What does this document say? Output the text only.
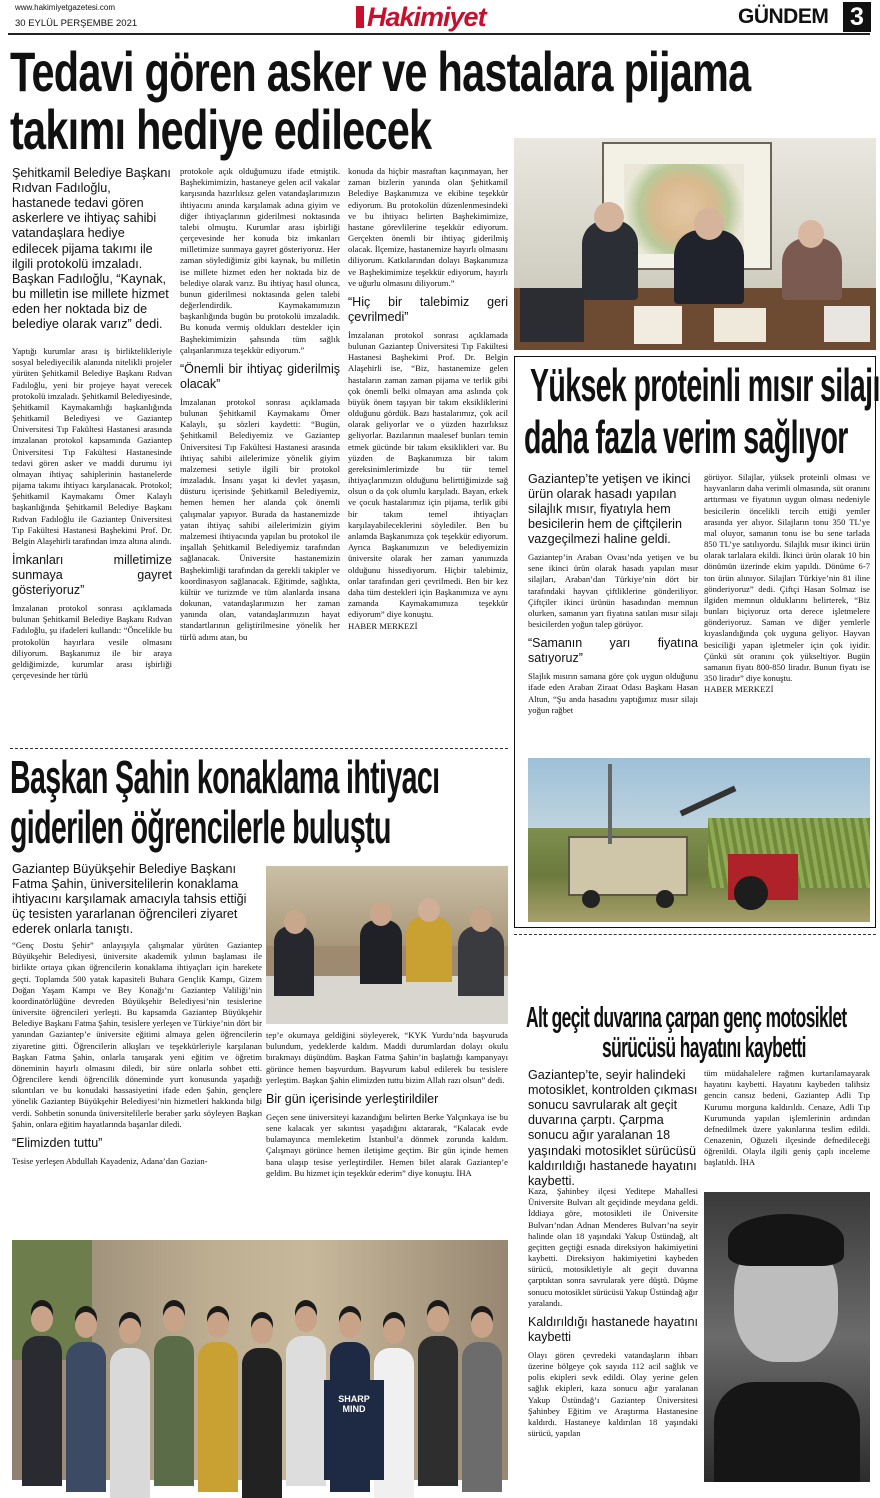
www.hakimiyetgazetesi.com
30 EYLÜL PERŞEMBE 2021	Hakimiyet	GÜNDEM 3
Tedavi gören asker ve hastalara pijama
takımı hediye edilecek
Şehitkamil Belediye Başkanı Rıdvan Fadıloğlu, hastanede tedavi gören askerlere ve ihtiyaç sahibi vatandaşlara hediye edilecek pijama takımı ile ilgili protokolü imzaladı. Başkan Fadıloğlu, “Kaynak, bu milletin ise millete hizmet eden her noktada biz de belediye olarak varız” dedi.

Yaptığı kurumlar arası iş birliktelikleriyle sosyal belediyecilik alanında nitelikli projeler yürüten Şehitkamil Belediye Başkanı Rıdvan Fadıloğlu, yeni bir projeye hayat verecek protokolü imzaladı. Şehitkamil Belediyesinde, Şehitkamil Kaymakamlığı başkanlığında Şehitkamil Belediyesi ve Gaziantep Üniversitesi Tıp Fakültesi Hastanesi arasında imzalanan protokol kapsamında Gaziantep Üniversitesi Tıp Fakültesi Hastanesinde tedavi gören asker ve maddi durumu iyi olmayan ihtiyaç sahiplerinin hastanelerde pijama takımı ihtiyacı karşılanacak. Protokol; Şehitkamil Kaymakamı Ömer Kalaylı başkanlığında Şehitkamil Belediye Başkanı Rıdvan Fadıloğlu ile Gaziantep Üniversitesi Tıp Fakültesi Hastanesi Başhekimi Prof. Dr. Belgin Alaşehirli tarafından imza altına alındı.

İmkanları milletimize sunmaya gayret gösteriyoruz”

İmzalanan protokol sonrası açıklamada bulunan Şehitkamil Belediye Başkanı Rıdvan Fadıloğlu, şu ifadeleri kullandı: “Öncelikle bu protokolün hayırlara vesile olmasını diliyorum. Başkanımız ile bir araya geldiğimizde, kurumlar arası işbirliği çerçevesinde her türlü

protokole açık olduğumuzu ifade etmiştik. Başhekimimizin, hastaneye gelen acil vakalar karşısında hazırlıksız gelen vatandaşlarımızın ihtiyacını anında karşılamak adına giyim ve diğer ihtiyaçlarının giderilmesi noktasında talebi olmuştu. Kurumlar arası işbirliği çerçevesinde her konuda biz imkanları milletimize sunmaya gayret gösteriyoruz. Her zaman söylediğimiz gibi kaynak, bu milletin ise millete hizmet eden her noktada biz de belediye olarak varız. Bu ihtiyaç hasıl olunca, bunun giderilmesi noktasında gelen talebi değerlendirdik. Kaymakamımızın başkanlığında bugün bu protokolü imzaladık. Bu konuda vermiş oldukları destekler için Başhekimimizin şahsında tüm sağlık çalışanlarımıza teşekkür ediyorum.”

“Önemli bir ihtiyaç giderilmiş olacak”

İmzalanan protokol sonrası açıklamada bulunan Şehitkamil Kaymakamı Ömer Kalaylı, şu sözleri kaydetti: “Bugün, Şehitkamil Belediyemiz ve Gaziantep Üniversitesi Tıp Fakültesi Hastanesi arasında ihtiyaç sahibi ailelerimize yönelik giyim malzemesi setiyle ilgili bir protokol imzaladık. İnsanı yaşat ki devlet yaşasın, düsturu içerisinde Şehitkamil Belediyemiz, hemen hemen her alanda çok önemli çalışmalar yapıyor. Burada da hastanemizde yatan ihtiyaç sahibi ailelerimizin giyim malzemesi ihtiyacında yapılan bu protokol ile inşallah Şehitkamil Belediyemiz tarafından sağlanacak. Üniversite hastanemizin Başhekimliği tarafından da gerekli takipler ve koordinasyon sağlanacak. Eğitimde, sağlıkta, kültür ve turizmde ve tüm alanlarda insana dokunan, vatandaşlarımızın her zaman yanında olan, vatandaşlarımızın hayat standartlarının geliştirilmesine yönelik her türlü adımı atan, bu

konuda da hiçbir masraftan kaçınmayan, her zaman bizlerin yanında olan Şehitkamil Belediye Başkanımıza ve ekibine teşekkür ediyorum. Bu protokolün düzenlenmesindeki ve bu ihtiyacı belirten Başhekimimize, hastane görevlilerine teşekkür ediyorum. Gerçekten önemli bir ihtiyaç giderilmiş olacak. İlçemize, hastanemize hayırlı olmasını diliyorum. Katkılarından dolayı Başkanımıza ve Başhekimimize teşekkür ediyorum, hayırlı ve uğurlu olmasını diliyorum.”

“Hiç bir talebimiz geri çevrilmedi”

İmzalanan protokol sonrası açıklamada bulunan Gaziantep Üniversitesi Tıp Fakültesi Hastanesi Başhekimi Prof. Dr. Belgin Alaşehirli ise, “Biz, hastanemize gelen hastaların zaman zaman pijama ve terlik gibi çok önemli belki olmayan ama aslında çok büyük önem taşıyan bir takım eksikliklerini olduğunu gördük. Bazı hastalarımız, çok acil olarak geliyorlar ve o yüzden hazırlıksız geliyorlar. Bazılarının maalesef bunları temin etmek gücünde bir takım eksiklikleri var. Bu yüzden de Başkanımıza bir takım gereksinimlerimizde bu tür temel ihtiyaçlarımızın olduğunu belirttiğimizde sağ olsun o da çok olumlu karşıladı. Bayan, erkek ve çocuk hastalarımız için pijama, terlik gibi bir takım temel ihtiyaçları karşılayabileceklerini söylediler. Ben bu anlamda Başkanımıza çok teşekkür ediyorum. Ayrıca Başkanımızın ve belediyemizin üniversite olarak her zaman yanımızda olduğunu hissediyorum. Hiçbir talebimiz, onlar tarafından geri çevrilmedi. Ben bir kez daha tüm destekleri için Başkanımıza ve aynı zamanda Kaymakamımıza teşekkür ediyorum” diye konuştu.

HABER MERKEZİ
Yüksek proteinli mısır silajı
daha fazla verim sağlıyor
Gaziantep’te yetişen ve ikinci ürün olarak hasadı yapılan silajlık mısır, fiyatıyla hem besicilerin hem de çiftçilerin vazgeçilmezi haline geldi.

Gaziantep’in Araban Ovası’nda yetişen ve bu sene ikinci ürün olarak hasadı yapılan mısır silajları, Araban’dan Türkiye’nin dört bir tarafındaki hayvan çiftliklerine gönderiliyor. Çiftçiler ikinci ürünün hasadından memnun olurken, samanın yarı fiyatına satılan mısır silajı besicilerden yoğun talep görüyor.

“Samanın yarı fiyatına satıyoruz”

Slajlık mısırın samana göre çok uygun olduğunu ifade eden Araban Ziraat Odası Başkanı Hasan Altun, “Şu anda hasadını yaptığımız mısır silajı yoğun rağbet

görüyor. Silajlar, yüksek proteinli olması ve hayvanların daha verimli olmasında, süt oranını arttırması ve fiyatının uygun olması nedeniyle besicilerin öncelikli tercih ettiği yemler arasında yer alıyor. Silajların tonu 350 TL’ye mal oluyor, samanın tonu ise bu sene tarlada 850 TL’ye satılıyordu. Silajlık mısır ikinci ürün olarak tarlalara ekildi. İkinci ürün olarak 10 bin dönümün üzerinde ekim yapıldı. Dönüme 6-7 ton ürün alınıyor. Silajları Türkiye’nin 81 iline gönderiyoruz” dedi. Çiftçi Hasan Solmaz ise ilgiden memnun olduklarını belirterek, “Biz bunları biçiyoruz orta derece işletmelere gönderiyoruz. Saman ve diğer yemlerle kıyaslandığında çok uyguna geliyor. Hayvan besiciliği yapan işletmeler için çok iyidir. Çünkü süt oranını çok yükseltiyor. Bugün samanın fiyatı 800-850 liradır. Bunun fiyatı ise 350 liradır” diye konuştu.

HABER MERKEZİ
Başkan Şahin konaklama ihtiyacı
giderilen öğrencilerle buluştu
Gaziantep Büyükşehir Belediye Başkanı Fatma Şahin, üniversitelilerin konaklama ihtiyacını karşılamak amacıyla tahsis ettiği üç tesisten yararlanan öğrencileri ziyaret ederek onlarla tanıştı.

“Genç Dostu Şehir” anlayışıyla çalışmalar yürüten Gaziantep Büyükşehir Belediyesi, üniversite akademik yılının başlaması ile birlikte ortaya çıkan öğrencilerin konaklama ihtiyaçları için harekete geçti. Toplamda 500 yatak kapasiteli Buhara Gençlik Kampı, Gizem Doğan Yaşam Kampı ve Bey Konağı’nı Gaziantep Valiliği’nin koordinatörlüğüne devreden Büyükşehir Belediyesi’nin tesislerine üniversite öğrencileri yerleşti. Bu kapsamda Gaziantep Büyükşehir Belediye Başkanı Fatma Şahin, tesislere yerleşen ve Türkiye’nin dört bir yanından Gaziantep’e üniversite eğitimi almaya gelen öğrencilerin ziyaretine gitti. Öğrencilerin alkışları ve teşekkürleriyle karşılanan Başkan Fatma Şahin, onlarla tanışarak yeni eğitim ve öğretim döneminin hayırlı olmasını diledi, bir süre onlarla sohbet etti. Öğrencilere kendi öğrencilik döneminde yurt konusunda yaşadığı sıkıntıları ve bu konudaki hassasiyetini ifade eden Şahin, gençlere yönelik Gaziantep Büyükşehir Belediyesi’nin hizmetleri hakkında bilgi verdi. Sohbetin sonunda üniversitelilerle beraber şarkı söyleyen Başkan Şahin, onlara eğitim hayatlarında başarılar diledi.

“Elimizden tuttu”

Tesise yerleşen Abdullah Kayadeniz, Adana’dan Gazian-

tep’e okumaya geldiğini söyleyerek, “KYK Yurdu’nda başvuruda bulundum, yedeklerde kaldım. Maddi durumlardan dolayı okulu bırakmayı düşündüm. Başkan Fatma Şahin’in başlattığı kampanyayı görünce hemen başvurdum. Başvurum kabul edilerek bu tesislere yerleştim. Başkan Şahin elimizden tuttu bizim Allah razı olsun” dedi.

Bir gün içerisinde yerleştirildiler

Geçen sene üniversiteyi kazandığını belirten Berke Yalçınkaya ise bu sene kalacak yer sıkıntısı yaşadığını aktararak, “Kalacak evde bulamayınca memleketim İstanbul’a dönmek zorunda kaldım. Çalışmayı görünce hemen iletişime geçtim. Bir gün içinde hemen bana ulaşıp tesise yerleştirdiler. Hemen bilet alarak Gaziantep’e geldim. Bu hizmet için teşekkür ederim” diye konuştu. İHA

SHARP MIND
Alt geçit duvarına çarpan genç motosiklet
sürücüsü hayatını kaybetti
Gaziantep’te, seyir halindeki motosiklet, kontrolden çıkması sonucu savrularak alt geçit duvarına çarptı. Çarpma sonucu ağır yaralanan 18 yaşındaki motosiklet sürücüsü kaldırıldığı hastanede hayatını kaybetti.

Kaza, Şahinbey ilçesi Yeditepe Mahallesi Üniversite Bulvarı alt geçidinde meydana geldi. İddiaya göre, motosikleti ile Üniversite Bulvarı’ndan Adnan Menderes Bulvarı’na seyir halinde olan 18 yaşındaki Yakup Üstündağ, alt geçitten geçtiği esnada direksiyon hakimiyetini kaybetti. Direksiyon hakimiyetini kaybeden sürücü, motosikletiyle alt geçit duvarına çarptıktan sonra savrularak yere düştü. Düşme sonucu motosiklet sürücüsü Yakup Üstündağ ağır yaralandı.

Kaldırıldığı hastanede hayatını kaybetti

Olayı gören çevredeki vatandaşların ihbarı üzerine bölgeye çok sayıda 112 acil sağlık ve polis ekipleri sevk edildi. Olay yerine gelen sağlık ekipleri, kaza sonucu ağır yaralanan Yakup Üstündağ’ı Gaziantep Üniversitesi Şahinbey Eğitim ve Araştırma Hastanesine kaldırdı. Hastaneye kaldırılan 18 yaşındaki sürücü, yapılan

tüm müdahalelere rağmen kurtarılamayarak hayatını kaybetti. Hayatını kaybeden talihsiz gencin cansız bedeni, Gaziantep Adli Tıp Kurumu morguna kaldırıldı. Cenaze, Adli Tıp Kurumunda yapılan işlemlerinin ardından defnedilmek üzere yakınlarına teslim edildi. Cenazenin, Oğuzeli ilçesinde defnedileceği öğrenildi. Olayla ilgili geniş çaplı inceleme başlatıldı. İHA
